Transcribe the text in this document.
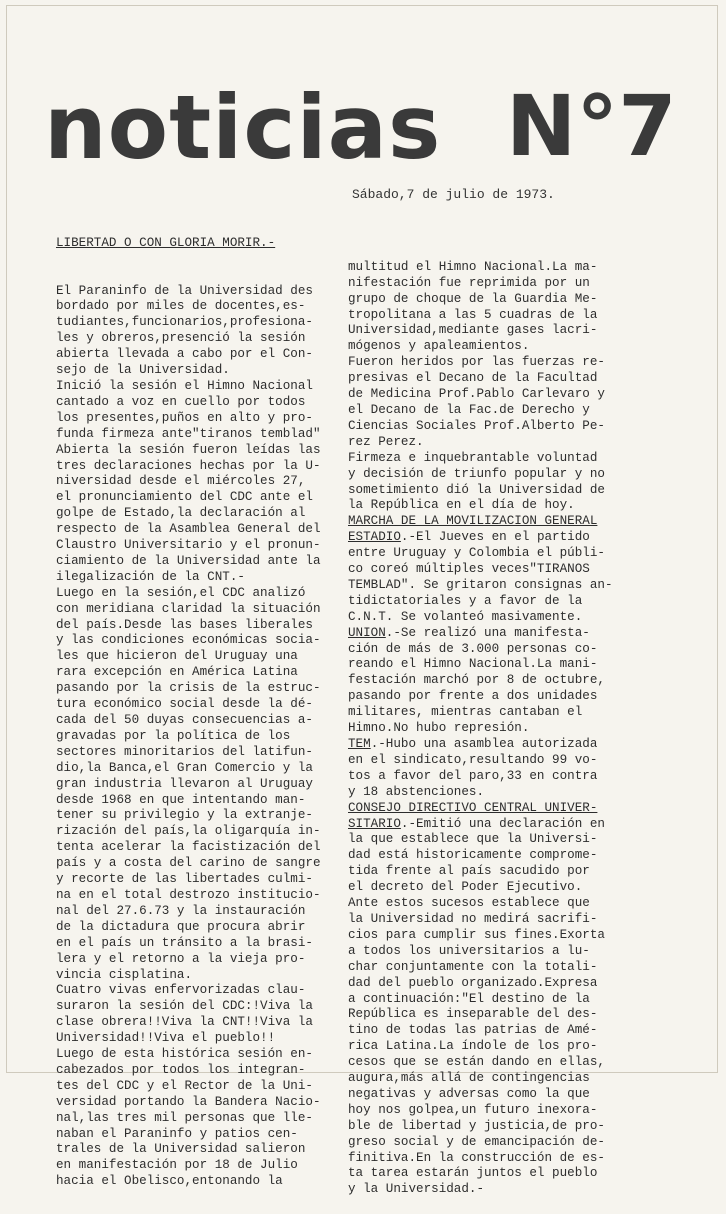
noticias N°7
Sábado,7 de julio de 1973.

LIBERTAD O CON GLORIA MORIR.-

El Paraninfo de la Universidad des
bordado por miles de docentes,es-
tudiantes,funcionarios,profesiona-
les y obreros,presenció la sesión
abierta llevada a cabo por el Con-
sejo de la Universidad.
Inició la sesión el Himno Nacional
cantado a voz en cuello por todos
los presentes,puños en alto y pro-
funda firmeza ante"tiranos temblad"
Abierta la sesión fueron leídas las
tres declaraciones hechas por la U-
niversidad desde el miércoles 27,
el pronunciamiento del CDC ante el
golpe de Estado,la declaración al
respecto de la Asamblea General del
Claustro Universitario y el pronun-
ciamiento de la Universidad ante la
ilegalización de la CNT.-
Luego en la sesión,el CDC analizó
con meridiana claridad la situación
del país.Desde las bases liberales
y las condiciones económicas socia-
les que hicieron del Uruguay una
rara excepción en América Latina
pasando por la crisis de la estruc-
tura económico social desde la dé-
cada del 50 duyas consecuencias a-
gravadas por la política de los
sectores minoritarios del latifun-
dio,la Banca,el Gran Comercio y la
gran industria llevaron al Uruguay
desde 1968 en que intentando man-
tener su privilegio y la extranje-
rización del país,la oligarquía in-
tenta acelerar la facistización del
país y a costa del carino de sangre
y recorte de las libertades culmi-
na en el total destrozo institucio-
nal del 27.6.73 y la instauración
de la dictadura que procura abrir
en el país un tránsito a la brasi-
lera y el retorno a la vieja pro-
vincia cisplatina.
Cuatro vivas enfervorizadas clau-
suraron la sesión del CDC:!Viva la
clase obrera!!Viva la CNT!!Viva la
Universidad!!Viva el pueblo!!
Luego de esta histórica sesión en-
cabezados por todos los integran-
tes del CDC y el Rector de la Uni-
versidad portando la Bandera Nacio-
nal,las tres mil personas que lle-
naban el Paraninfo y patios cen-
trales de la Universidad salieron
en manifestación por 18 de Julio
hacia el Obelisco,entonando la

multitud el Himno Nacional.La ma-
nifestación fue reprimida por un
grupo de choque de la Guardia Me-
tropolitana a las 5 cuadras de la
Universidad,mediante gases lacri-
mógenos y apaleamientos.
Fueron heridos por las fuerzas re-
presivas el Decano de la Facultad
de Medicina Prof.Pablo Carlevaro y
el Decano de la Fac.de Derecho y
Ciencias Sociales Prof.Alberto Pe-
rez Perez.
Firmeza e inquebrantable voluntad
y decisión de triunfo popular y no
sometimiento dió la Universidad de
la República en el día de hoy.
MARCHA DE LA MOVILIZACION GENERAL
ESTADIO.-El Jueves en el partido
entre Uruguay y Colombia el públi-
co coreó múltiples veces"TIRANOS
TEMBLAD". Se gritaron consignas an-
tidictatoriales y a favor de la
C.N.T. Se volanteó masivamente.
UNION.-Se realizó una manifesta-
ción de más de 3.000 personas co-
reando el Himno Nacional.La mani-
festación marchó por 8 de octubre,
pasando por frente a dos unidades
militares, mientras cantaban el
Himno.No hubo represión.
TEM.-Hubo una asamblea autorizada
en el sindicato,resultando 99 vo-
tos a favor del paro,33 en contra
y 18 abstenciones.
CONSEJO DIRECTIVO CENTRAL UNIVER-
SITARIO.-Emitió una declaración en
la que establece que la Universi-
dad está historicamente comprome-
tida frente al país sacudido por
el decreto del Poder Ejecutivo.
Ante estos sucesos establece que
la Universidad no medirá sacrifi-
cios para cumplir sus fines.Exorta
a todos los universitarios a lu-
char conjuntamente con la totali-
dad del pueblo organizado.Expresa
a continuación:"El destino de la
República es inseparable del des-
tino de todas las patrias de Amé-
rica Latina.La índole de los pro-
cesos que se están dando en ellas,
augura,más allá de contingencias
negativas y adversas como la que
hoy nos golpea,un futuro inexora-
ble de libertad y justicia,de pro-
greso social y de emancipación de-
finitiva.En la construcción de es-
ta tarea estarán juntos el pueblo
y la Universidad.-
